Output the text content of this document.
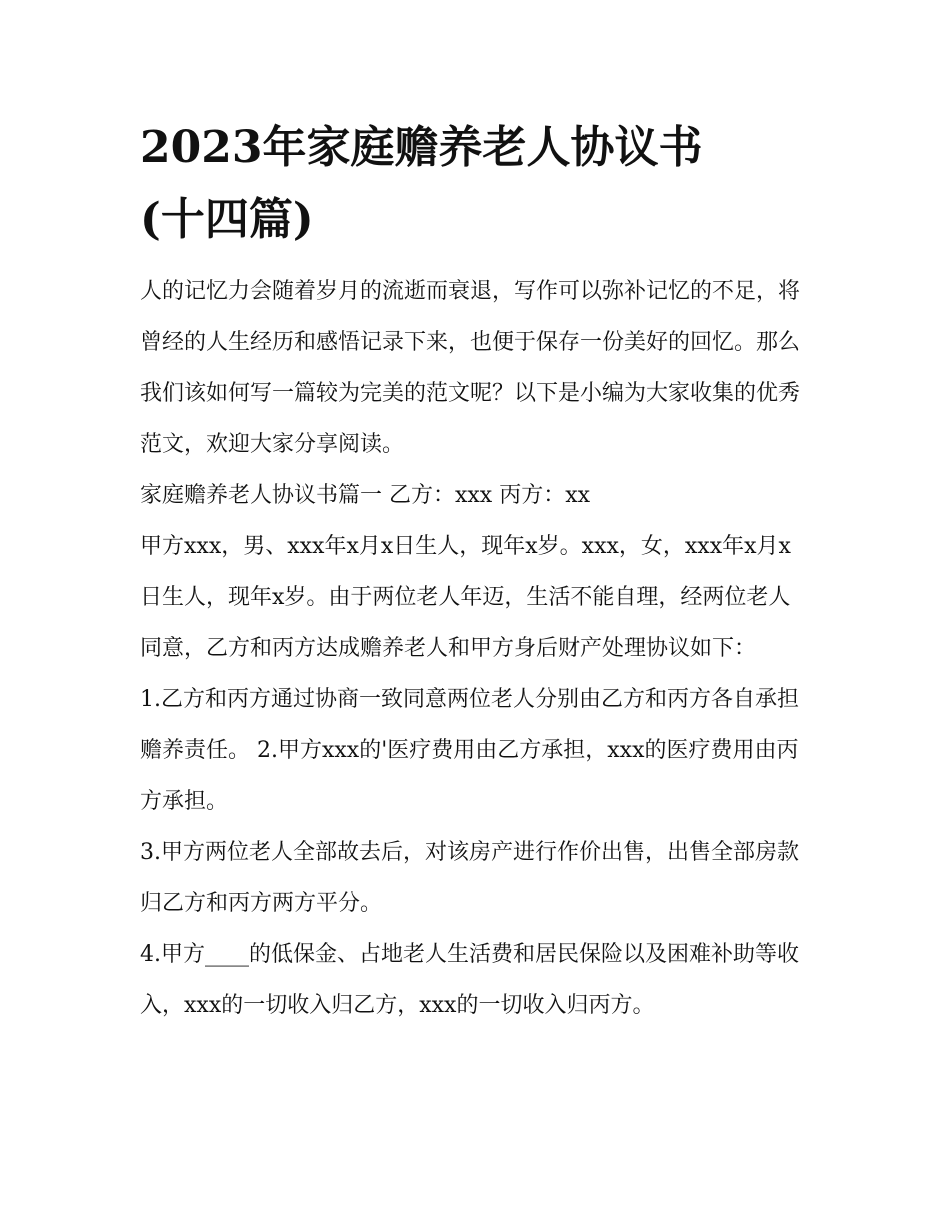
2023年家庭赡养老人协议书
(十四篇)

人的记忆力会随着岁月的流逝而衰退，写作可以弥补记忆的不足，将曾经的人生经历和感悟记录下来，也便于保存一份美好的回忆。那么我们该如何写一篇较为完美的范文呢？以下是小编为大家收集的优秀范文，欢迎大家分享阅读。

家庭赡养老人协议书篇一 乙方：xxx 丙方：xx

甲方xxx，男、xxx年x月x日生人，现年x岁。xxx，女，xxx年x月x日生人，现年x岁。由于两位老人年迈，生活不能自理，经两位老人同意，乙方和丙方达成赡养老人和甲方身后财产处理协议如下：

1.乙方和丙方通过协商一致同意两位老人分别由乙方和丙方各自承担赡养责任。 2.甲方xxx的'医疗费用由乙方承担，xxx的医疗费用由丙方承担。

3.甲方两位老人全部故去后，对该房产进行作价出售，出售全部房款归乙方和丙方两方平分。

4.甲方____的低保金、占地老人生活费和居民保险以及困难补助等收入，xxx的一切收入归乙方，xxx的一切收入归丙方。
